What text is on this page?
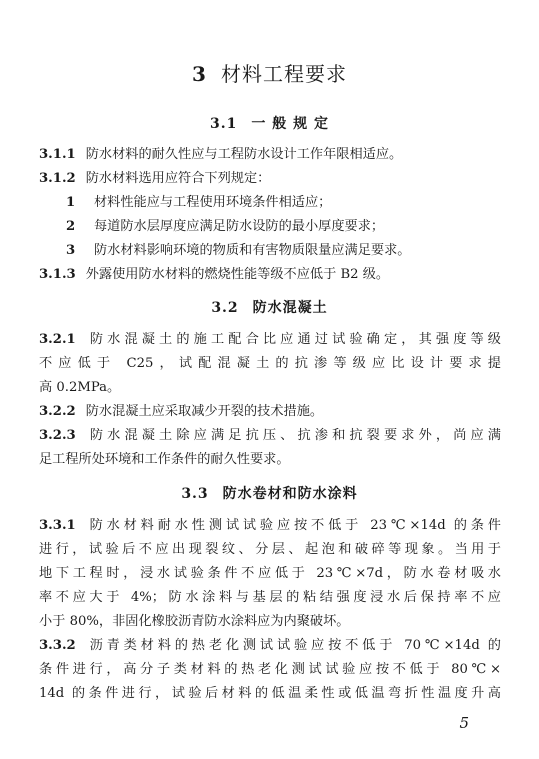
3 材料工程要求
3.1 一 般 规 定
3.1.1 防水材料的耐久性应与工程防水设计工作年限相适应。
3.1.2 防水材料选用应符合下列规定：
1 材料性能应与工程使用环境条件相适应；
2 每道防水层厚度应满足防水设防的最小厚度要求；
3 防水材料影响环境的物质和有害物质限量应满足要求。
3.1.3 外露使用防水材料的燃烧性能等级不应低于 B2 级。
3.2 防水混凝土
3.2.1 防水混凝土的施工配合比应通过试验确定，其强度等级
不应低于 C25，试配混凝土的抗渗等级应比设计要求提
高 0.2MPa。
3.2.2 防水混凝土应采取减少开裂的技术措施。
3.2.3 防水混凝土除应满足抗压、抗渗和抗裂要求外，尚应满
足工程所处环境和工作条件的耐久性要求。
3.3 防水卷材和防水涂料
3.3.1 防水材料耐水性测试试验应按不低于 23℃×14d 的条件
进行，试验后不应出现裂纹、分层、起泡和破碎等现象。当用于
地下工程时，浸水试验条件不应低于 23℃×7d，防水卷材吸水
率不应大于 4%；防水涂料与基层的粘结强度浸水后保持率不应
小于 80%，非固化橡胶沥青防水涂料应为内聚破坏。
3.3.2 沥青类材料的热老化测试试验应按不低于 70℃×14d 的
条件进行，高分子类材料的热老化测试试验应按不低于 80℃×
14d 的条件进行，试验后材料的低温柔性或低温弯折性温度升高
5
